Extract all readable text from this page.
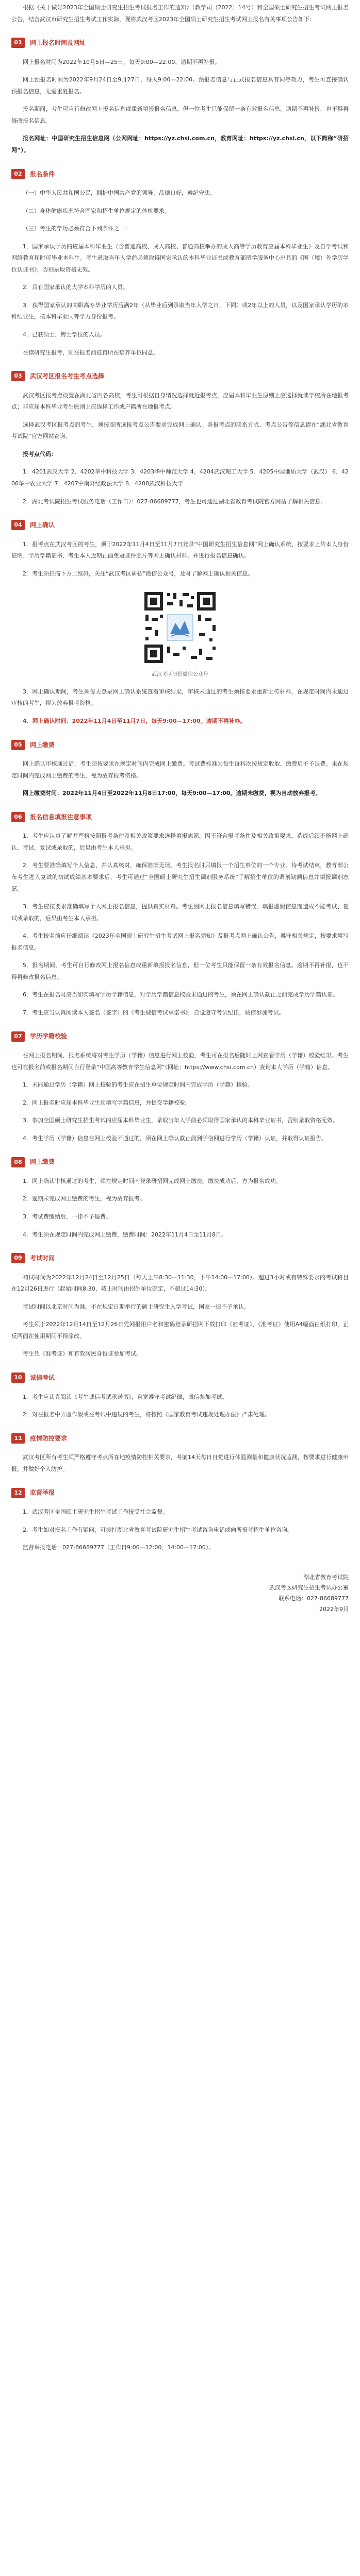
根据《关于做好2023年全国硕士研究生招生考试报名工作的通知》（教学司〔2022〕14号）和全国硕士研究生招生考试网上报名公告，结合武汉市研究生招生考试工作实际，现将武汉考区2023年全国硕士研究生招生考试网上报名有关事项公告如下：

01	网上报名时间及网址

网上报名时间为2022年10月5日—25日，每天9:00—22:00，逾期不再补报。

网上预报名时间为2022年9月24日至9月27日，每天9:00—22:00。预报名信息与正式报名信息具有同等效力，考生可直接确认预报名信息，无需重复报名。

报名期间，考生可自行修改网上报名信息或重新填报报名信息，但一位考生只能保留一条有效报名信息。逾期不再补报，也不得再修改报名信息。

报名网址：中国研究生招生信息网（公网网址：https://yz.chsi.com.cn，教育网址：https://yz.chsi.cn，以下简称“研招网”）。

02	报名条件

（一）中华人民共和国公民，拥护中国共产党的领导，品德良好，遵纪守法。

（二）身体健康状况符合国家和招生单位规定的体检要求。

（三）考生的学历必须符合下列条件之一：

1．国家承认学历的应届本科毕业生（含普通高校、成人高校、普通高校举办的成人高等学历教育应届本科毕业生）及自学考试和网络教育届时可毕业本科生。考生录取当年入学前必须取得国家承认的本科毕业证书或教育部留学服务中心出具的《国（境）外学历学位认证书》，否则录取资格无效。

2．具有国家承认的大学本科学历的人员。

3．获得国家承认的高职高专毕业学历后满2年（从毕业后到录取当年入学之日，下同）或2年以上的人员，以及国家承认学历的本科结业生，按本科毕业同等学力身份报考。

4．已获硕士、博士学位的人员。

在读研究生报考，须在报名前征得所在培养单位同意。

03	武汉考区报名考生考点选择

武汉考区报考点设置在湖北省内各高校，考生可根据自身情况选择就近报考点，应届本科毕业生原则上应选择就读学校所在地报考点；非应届本科毕业考生原则上应选择工作或户籍所在地报考点。

选择武汉考区报考点的考生，须按照所选报考点公告要求完成网上确认。各报考点的联系方式、考点公告等信息请在“湖北省教育考试院”官方网站查询。

报考点代码：

1．4201武汉大学 2．4202华中科技大学 3．4203华中师范大学 4．4204武汉理工大学 5．4205中国地质大学（武汉） 6．4206华中农业大学 7．4207中南财经政法大学 8．4208武汉科技大学

2．湖北考试院招生考试服务电话（工作日）：027-86689777，考生也可通过湖北省教育考试院官方网站了解相关信息。

04	网上确认

1．报考点在武汉考区的考生，须于2022年11月4日至11月7日登录“中国研究生招生信息网”网上确认系统，按要求上传本人身份证明、学历学籍证书、考生本人近期正面免冠证件照片等网上确认材料，并进行报名信息确认。

2．考生须扫描下方二维码，关注“武汉考区研招”微信公众号，及时了解网上确认相关信息。

武汉考区研招微信公众号

3．网上确认期间，考生须每天登录网上确认系统查看审核结果，审核未通过的考生须按要求重新上传材料，在规定时间内未通过审核的考生，视为放弃报考资格。

4．网上确认时间：2022年11月4日至11月7日，每天9:00—17:00。逾期不再补办。

05	网上缴费

网上确认审核通过后，考生须按要求在规定时间内完成网上缴费。考试费标准为每生每科次按规定收取，缴费后不予退费。未在规定时间内完成网上缴费的考生，视为放弃报考资格。

网上缴费时间：2022年11月4日至2022年11月8日17:00，每天9:00—17:00。逾期未缴费，视为自动放弃报考。

06	报名信息填报注意事项

1．考生应认真了解并严格按照报考条件及相关政策要求选择填报志愿。因不符合报考条件及相关政策要求，造成后续不能网上确认、考试、复试或录取的，后果由考生本人承担。

2．考生要准确填写个人信息，并认真核对，确保准确无误。考生报名时只填报一个招生单位的一个专业。待考试结束，教育部公布考生进入复试的初试成绩基本要求后，考生可通过“全国硕士研究生招生调剂服务系统”了解招生单位的调剂缺额信息并填报调剂志愿。

3．考生应按要求准确填写个人网上报名信息，提供真实材料。考生因网上报名信息填写错误、填报虚假信息而造成不能考试、复试或录取的，后果由考生本人承担。

4．考生报名前应仔细阅读《2023年全国硕士研究生招生考试网上报名须知》及报考点网上确认公告，遵守相关规定，按要求填写报名信息。

5．报名期间，考生可自行修改网上报名信息或重新填报报名信息，但一位考生只能保留一条有效报名信息。逾期不再补报，也不得再修改报名信息。

6．考生在报名时应当如实填写学历学籍信息，对学历学籍信息校验未通过的考生，须在网上确认截止之前完成学历学籍认证。

7．考生应当认真阅读本人签名（签字）的《考生诚信考试承诺书》，自觉遵守考试纪律，诚信参加考试。

07	学历学籍校验

在网上报名期间，报名系统将对考生学历（学籍）信息进行网上校验，考生可在报名后随时上网查看学历（学籍）校验结果。考生也可在报名前或报名期间自行登录“中国高等教育学生信息网”（网址：https://www.chsi.com.cn）查询本人学历（学籍）信息。

1．未能通过学历（学籍）网上校验的考生应在招生单位规定时间内完成学历（学籍）核验。

2．网上报名时应届本科毕业生须填写学籍信息，并提交学籍校验。

3．参加全国硕士研究生招生考试的应届本科毕业生，录取当年入学前必须取得国家承认的本科毕业证书，否则录取资格无效。

4．考生学历（学籍）信息在网上校验不通过的，须在网上确认截止前到学信网进行学历（学籍）认证，并取得认证报告。

08	网上缴费

1．网上确认审核通过的考生，须在规定时间内登录研招网完成网上缴费。缴费成功后，方为报名成功。

2．逾期未完成网上缴费的考生，视为放弃报考。

3．考试费缴纳后，一律不予退费。

4．考生须在规定时间内完成网上缴费，缴费时间：2022年11月4日至11月8日。

09	考试时间

初试时间为2022年12月24日至12月25日（每天上午8:30—11:30，下午14:00—17:00）。超过3小时或有特殊要求的考试科目在12月26日进行（起始时间8:30，截止时间由招生单位确定，不超过14:30）。

考试时间以北京时间为准。不在规定日期举行的硕士研究生入学考试，国家一律不予承认。

考生须于2022年12月14日至12月26日凭网报用户名和密码登录研招网下载打印《准考证》，《准考证》使用A4幅面白纸打印，正反两面在使用期间不得涂改。

考生凭《准考证》和有效居民身份证参加考试。

10	诚信考试

1．考生应认真阅读《考生诚信考试承诺书》，自觉遵守考试纪律，诚信参加考试。

2．对在报名中弄虚作假或在考试中违规的考生，将按照《国家教育考试违规处理办法》严肃处理。

11	疫情防控要求

武汉考区所有考生须严格遵守考点所在地疫情防控相关要求，考前14天每日自觉进行体温测量和健康状况监测，按要求进行健康申报，并做好个人防护。

12	监督举报

1．武汉考区全国硕士研究生招生考试工作接受社会监督。

2．考生如对报名工作有疑问，可拨打湖北省教育考试院研究生招生考试咨询电话或向所报考招生单位咨询。

监督举报电话：027-86689777（工作日9:00—12:00，14:00—17:00）。

湖北省教育考试院
武汉考区研究生招生考试办公室
联系电话：027-86689777
2022年9月
